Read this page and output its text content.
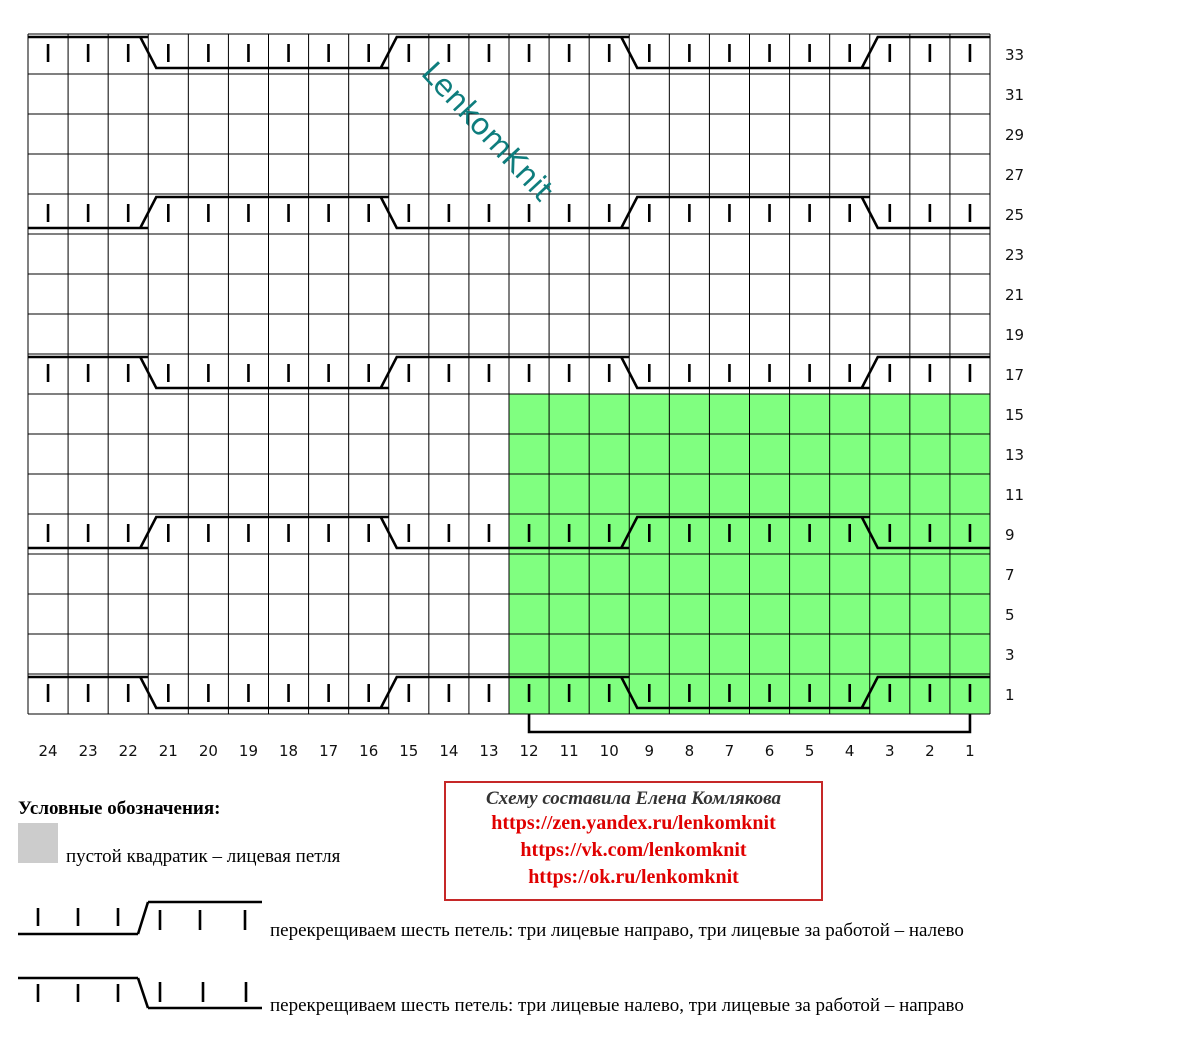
33
31
29
27
25
23
21
19
17
15
13
11
9
7
5
3
1
24 23 22 21 20 19 18 17 16 15 14 13 12 11 10 9 8 7 6 5 4 3 2 1
LenkomKnit
Условные обозначения:
пустой квадратик – лицевая петля
перекрещиваем шесть петель: три лицевые направо, три лицевые за работой – налево
перекрещиваем шесть петель: три лицевые налево, три лицевые за работой – направо
Схему составила Елена Комлякова
https://zen.yandex.ru/lenkomknit
https://vk.com/lenkomknit
https://ok.ru/lenkomknit
